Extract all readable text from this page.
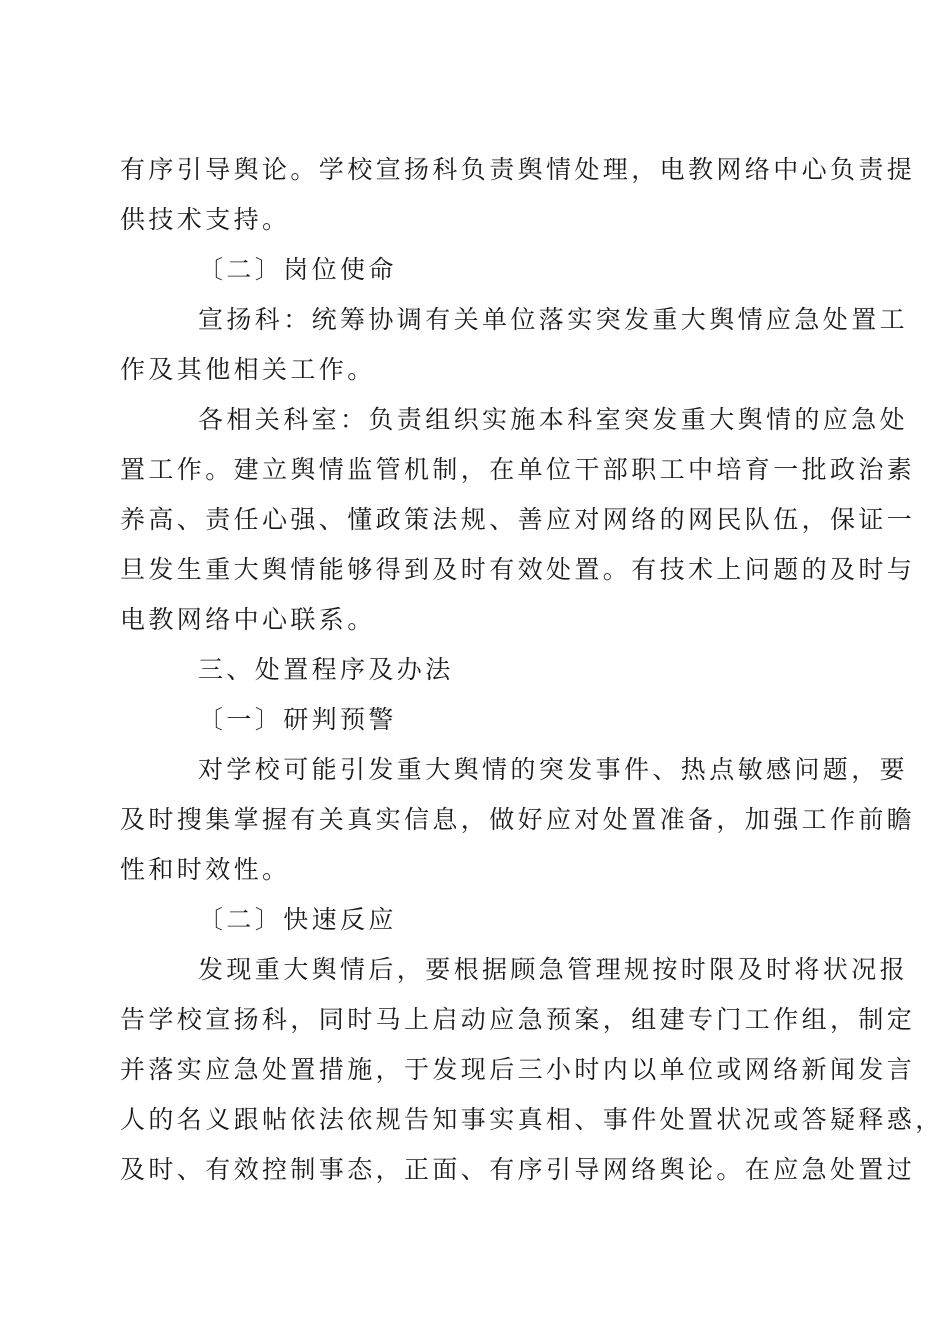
有序引导舆论。学校宣扬科负责舆情处理，电教网络中心负责提
供技术支持。
〔二〕岗位使命
宣扬科：统筹协调有关单位落实突发重大舆情应急处置工
作及其他相关工作。
各相关科室：负责组织实施本科室突发重大舆情的应急处
置工作。建立舆情监管机制，在单位干部职工中培育一批政治素
养高、责任心强、懂政策法规、善应对网络的网民队伍，保证一
旦发生重大舆情能够得到及时有效处置。有技术上问题的及时与
电教网络中心联系。
三、处置程序及办法
〔一〕研判预警
对学校可能引发重大舆情的突发事件、热点敏感问题，要
及时搜集掌握有关真实信息，做好应对处置准备，加强工作前瞻
性和时效性。
〔二〕快速反应
发现重大舆情后，要根据顾急管理规按时限及时将状况报
告学校宣扬科，同时马上启动应急预案，组建专门工作组，制定
并落实应急处置措施，于发现后三小时内以单位或网络新闻发言
人的名义跟帖依法依规告知事实真相、事件处置状况或答疑释惑，
及时、有效控制事态，正面、有序引导网络舆论。在应急处置过
